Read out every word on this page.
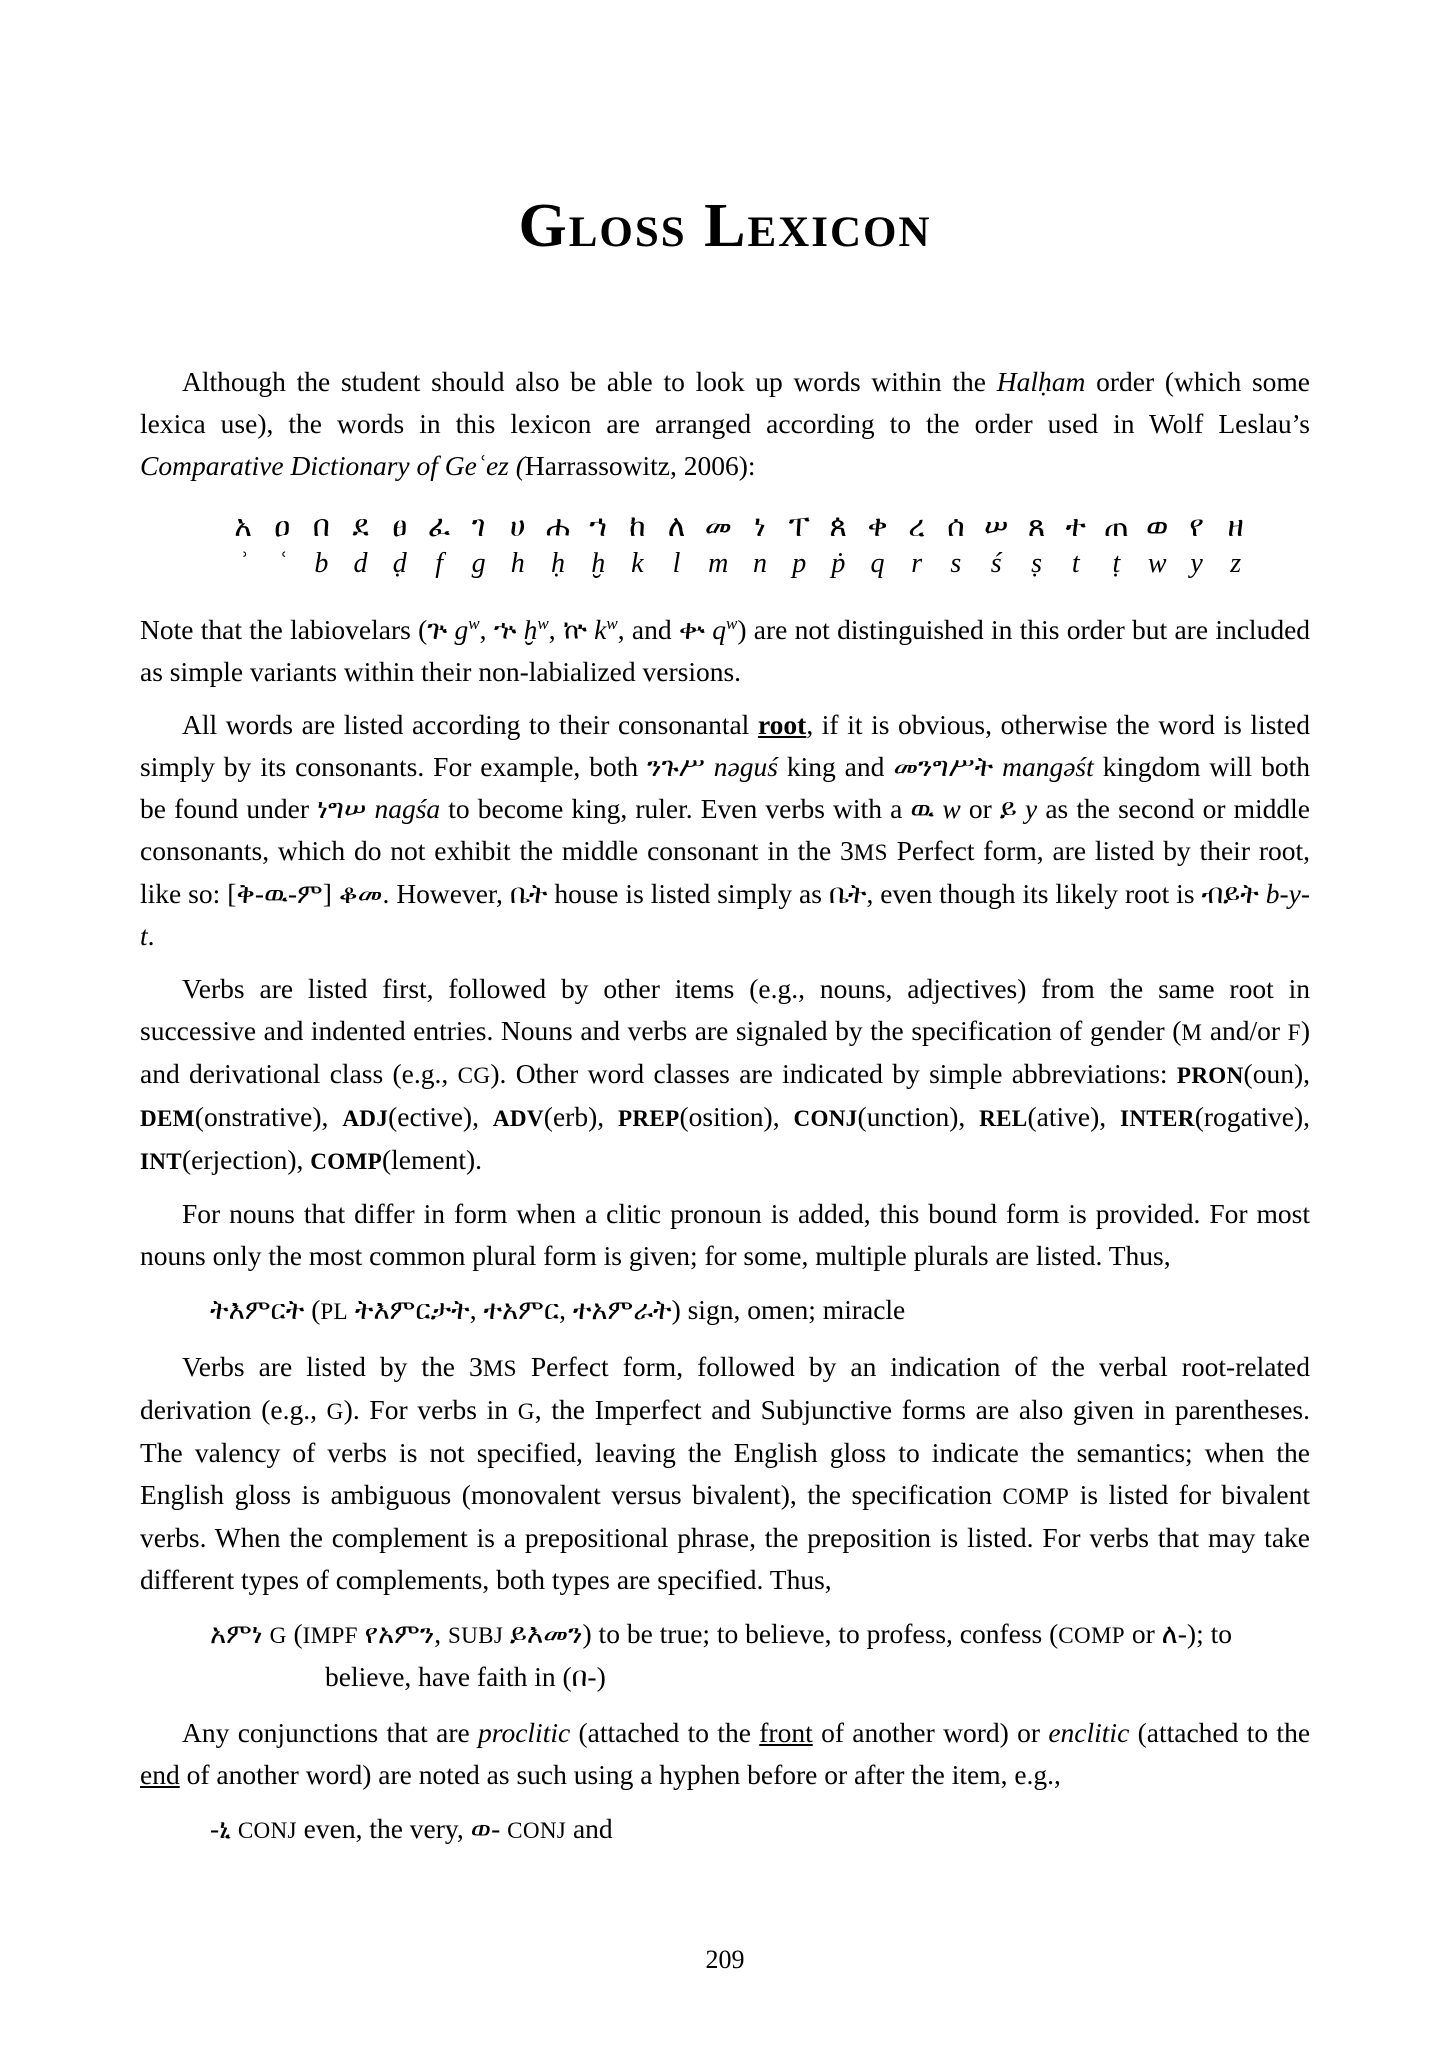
Gloss Lexicon

Although the student should also be able to look up words within the Halḥam order (which some lexica use), the words in this lexicon are arranged according to the order used in Wolf Leslau’s Comparative Dictionary of Geʿez (Harrassowitz, 2006):

አ
ʾ
ዐ
ʿ
በ
b
ደ
d
ፀ
ḍ
ፈ
f
ገ
g
ሀ
h
ሐ
ḥ
ኀ
ḫ
ከ
k
ለ
l
መ
m
ነ
n
ፐ
p
ጰ
ṗ
ቀ
q
ረ
r
ሰ
s
ሠ
ś
ጸ
ṣ
ተ
t
ጠ
ṭ
ወ
w
የ
y
ዘ
z

Note that the labiovelars (ጕ $g^w$, ኍ ḫ$^w$, ኵ $k^w$, and ቍ $q^w$) are not distinguished in this order but are included as simple variants within their non-labialized versions.

All words are listed according to their consonantal root, if it is obvious, otherwise the word is listed simply by its consonants. For example, both ንጉሥ nəguś king and መንግሥት mangəśt kingdom will both be found under ነግሠ nagśa to become king, ruler. Even verbs with a ዉ w or ይ y as the second or middle consonants, which do not exhibit the middle consonant in the 3MS Perfect form, are listed by their root, like so: [ቅ-ዉ-ም] ቆመ. However, ቤት house is listed simply as ቤት, even though its likely root is ብይት b-y-t.

Verbs are listed first, followed by other items (e.g., nouns, adjectives) from the same root in successive and indented entries. Nouns and verbs are signaled by the specification of gender (M and/or F) and derivational class (e.g., CG). Other word classes are indicated by simple abbreviations: PRON(oun), DEM(onstrative), ADJ(ective), ADV(erb), PREP(osition), CONJ(unction), REL(ative), INTER(rogative), INT(erjection), COMP(lement).

For nouns that differ in form when a clitic pronoun is added, this bound form is provided. For most nouns only the most common plural form is given; for some, multiple plurals are listed. Thus,

ትእምርት (PL ትእምርታት, ተአምር, ተአምራት) sign, omen; miracle

Verbs are listed by the 3MS Perfect form, followed by an indication of the verbal root-related derivation (e.g., G). For verbs in G, the Imperfect and Subjunctive forms are also given in parentheses. The valency of verbs is not specified, leaving the English gloss to indicate the semantics; when the English gloss is ambiguous (monovalent versus bivalent), the specification COMP is listed for bivalent verbs. When the complement is a prepositional phrase, the preposition is listed. For verbs that may take different types of complements, both types are specified. Thus,

አምነ G (IMPF የአምን, SUBJ ይእመን) to be true; to believe, to profess, confess (COMP or ለ-); to believe, have faith in (በ-)

Any conjunctions that are proclitic (attached to the front of another word) or enclitic (attached to the end of another word) are noted as such using a hyphen before or after the item, e.g.,

-ኒ CONJ even, the very, ወ- CONJ and

209
